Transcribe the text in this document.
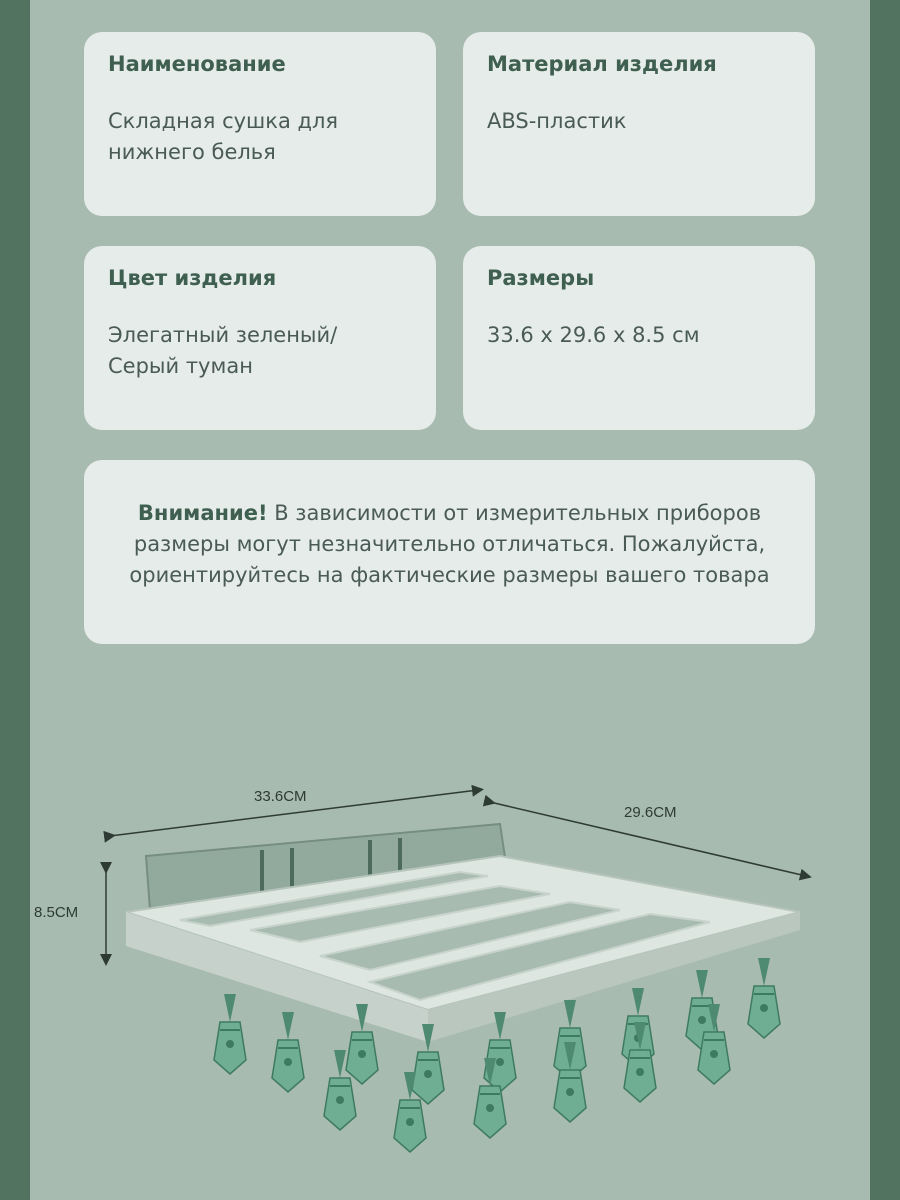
Наименование
Складная сушка для
нижнего белья
Материал изделия
ABS-пластик
Цвет изделия
Элегатный зеленый/
Серый туман
Размеры
33.6 x 29.6 x 8.5 см
Внимание! В зависимости от измерительных приборов размеры могут незначительно отличаться. Пожалуйста, ориентируйтесь на фактические размеры вашего товара
33.6CM
29.6CM
8.5CM
